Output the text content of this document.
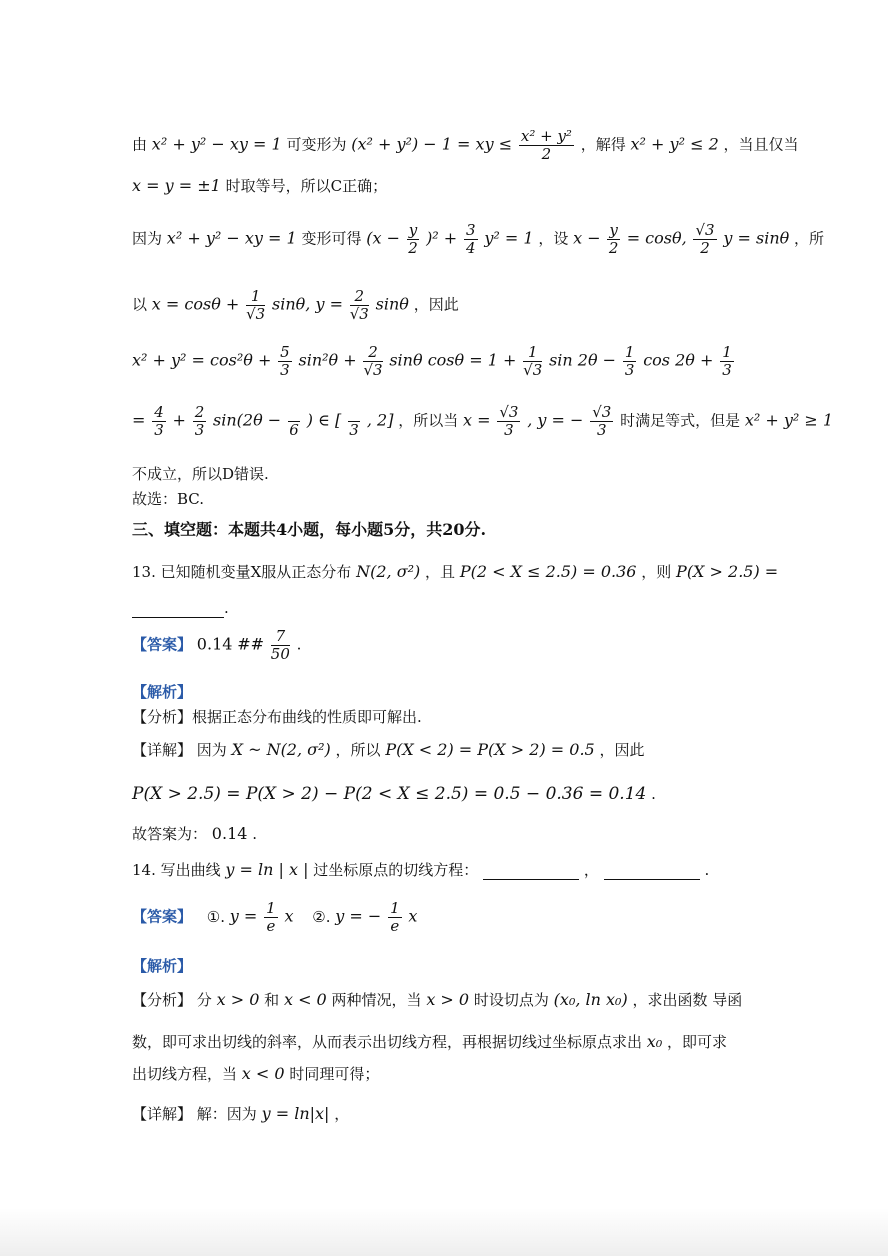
由 x² + y² − xy = 1 可变形为 (x² + y²) − 1 = xy ≤ $\frac{\text{x² + y²}}{2}$ ，解得 x² + y² ≤ 2 ，当且仅当
x = y = ±1 时取等号，所以C正确；
因为 x² + y² − xy = 1 变形可得 $(x - \frac{y}{2} )^2 + \frac{3}{4} y^2 = 1$ ，设 $x - \frac{y}{2} = \cos\theta$, $\frac{√3}{2}$ y = sinθ ，所
以 $x = \cos\theta + \frac{1}{√3} \sin\theta$, $y = \frac{2}{√3}$ sinθ ，因此
$x^2 + y^2 = \cos^2\theta + \frac{5}{3} \sin^2\theta + \frac{2}{√3}$ sinθ $\cos\theta = 1 + \frac{1}{√3}$ $\sin 2\theta - \frac{1}{3}$ $\cos 2\theta + \frac{1}{3}$
= $\frac{4}{3} + \frac{2}{3} \sin(2\theta$ −
6
) ∈ [
3
, 2] ，所以当 $x = \frac{√3}{3}$ , y = − $\frac{√3}{3}$ 时满足等式，但是 x² + y² ≥ 1
不成立，所以D错误.
故选：BC.
三、填空题：本题共4小题，每小题5分，共20分.
13. 已知随机变量X服从正态分布 N(2, σ²) ，且 P(2 < X ≤ 2.5) = 0.36 ，则 P(X > 2.5) =
.
【答案】 0.14 ## $\frac{7}{50}$ .
【解析】
【分析】根据正态分布曲线的性质即可解出.
【详解】 因为 X ~ N(2, σ²) ，所以 P(X < 2) = P(X > 2) = 0.5 ，因此
P(X > 2.5) = P(X > 2) − P(2 < X ≤ 2.5) = 0.5 − 0.36 = 0.14 .
故答案为： 0.14 .
14. 写出曲线 y = ln | x | 过坐标原点的切线方程：	，	.
【答案】 ①. $y = \frac{1}{e}$ x ②. y = − $\frac{1}{e}$ x
【解析】
【分析】 分 x > 0 和 x < 0 两种情况，当 x > 0 时设切点为 (x₀, ln x₀) ，求出函数 导函
数，即可求出切线的斜率，从而表示出切线方程，再根据切线过坐标原点求出 x₀ ，即可求
出切线方程，当 x < 0 时同理可得；
【详解】 解：因为 y = ln|x| ，
